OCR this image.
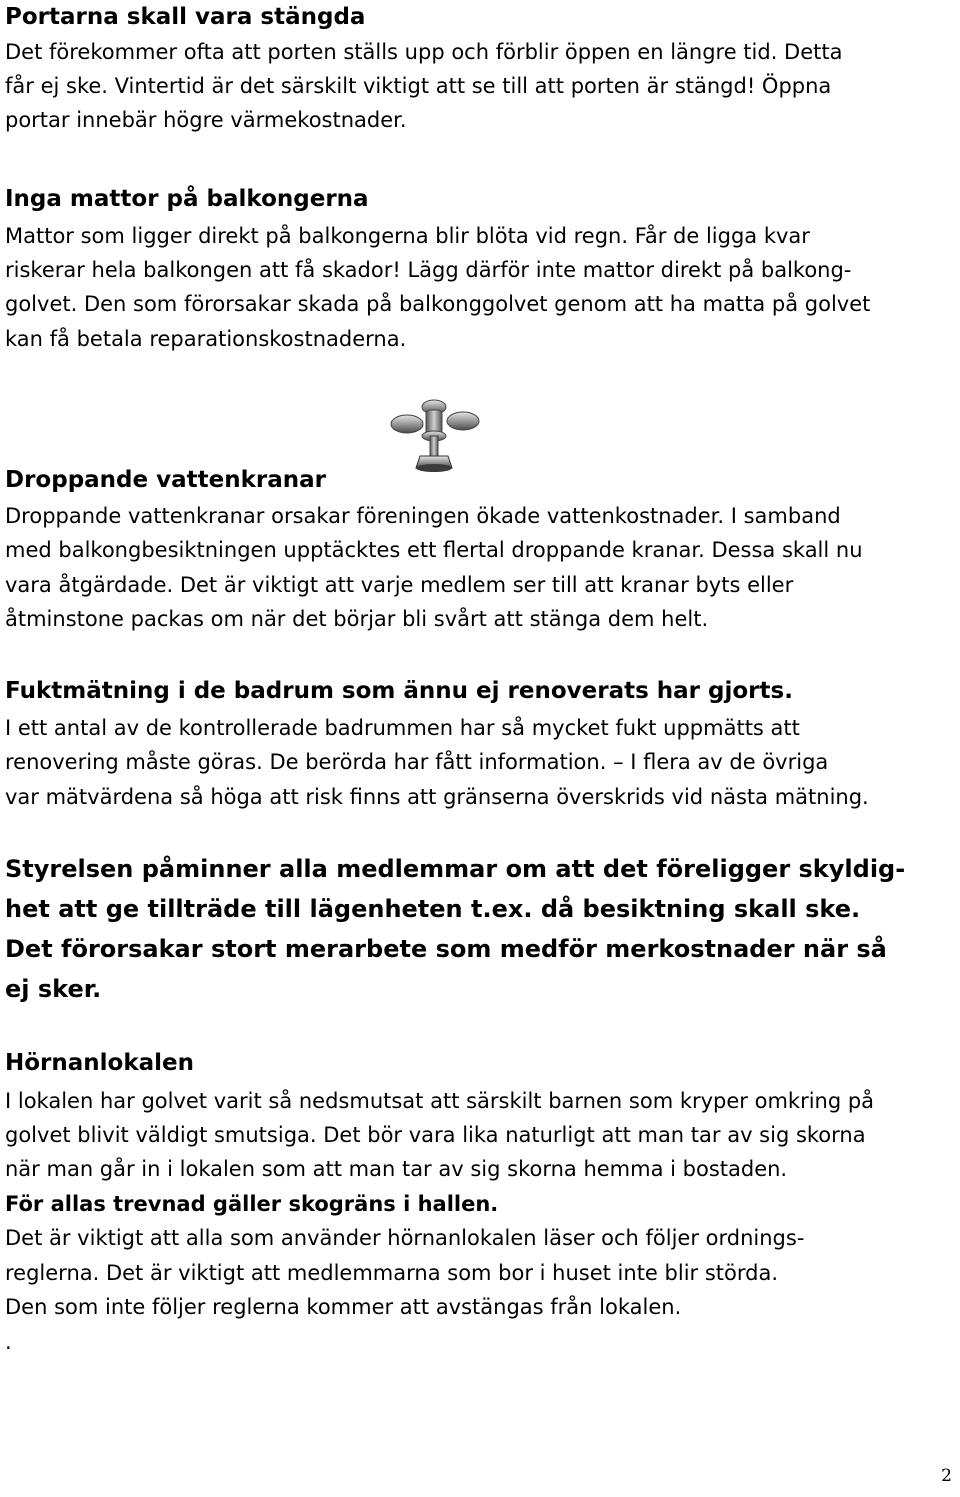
Portarna skall vara stängda

Det förekommer ofta att porten ställs upp och förblir öppen en längre tid. Detta

får ej ske. Vintertid är det särskilt viktigt att se till att porten är stängd! Öppna

portar innebär högre värmekostnader.

Inga mattor på balkongerna

Mattor som ligger direkt på balkongerna blir blöta vid regn. Får de ligga kvar

riskerar hela balkongen att få skador! Lägg därför inte mattor direkt på balkong-

golvet. Den som förorsakar skada på balkonggolvet genom att ha matta på golvet

kan få betala reparationskostnaderna.

Droppande vattenkranar

Droppande vattenkranar orsakar föreningen ökade vattenkostnader. I samband

med balkongbesiktningen upptäcktes ett flertal droppande kranar. Dessa skall nu

vara åtgärdade. Det är viktigt att varje medlem ser till att kranar byts eller

åtminstone packas om när det börjar bli svårt att stänga dem helt.

Fuktmätning i de badrum som ännu ej renoverats har gjorts.

I ett antal av de kontrollerade badrummen har så mycket fukt uppmätts att

renovering måste göras. De berörda har fått information. – I flera av de övriga

var mätvärdena så höga att risk finns att gränserna överskrids vid nästa mätning.

Styrelsen påminner alla medlemmar om att det föreligger skyldig-

het att ge tillträde till lägenheten t.ex. då besiktning skall ske.

Det förorsakar stort merarbete som medför merkostnader när så

ej sker.

Hörnanlokalen

I lokalen har golvet varit så nedsmutsat att särskilt barnen som kryper omkring på

golvet blivit väldigt smutsiga. Det bör vara lika naturligt att man tar av sig skorna

när man går in i lokalen som att man tar av sig skorna hemma i bostaden.

För allas trevnad gäller skogräns i hallen.

Det är viktigt att alla som använder hörnanlokalen läser och följer ordnings-

reglerna. Det är viktigt att medlemmarna som bor i huset inte blir störda.

Den som inte följer reglerna kommer att avstängas från lokalen.

.

2
